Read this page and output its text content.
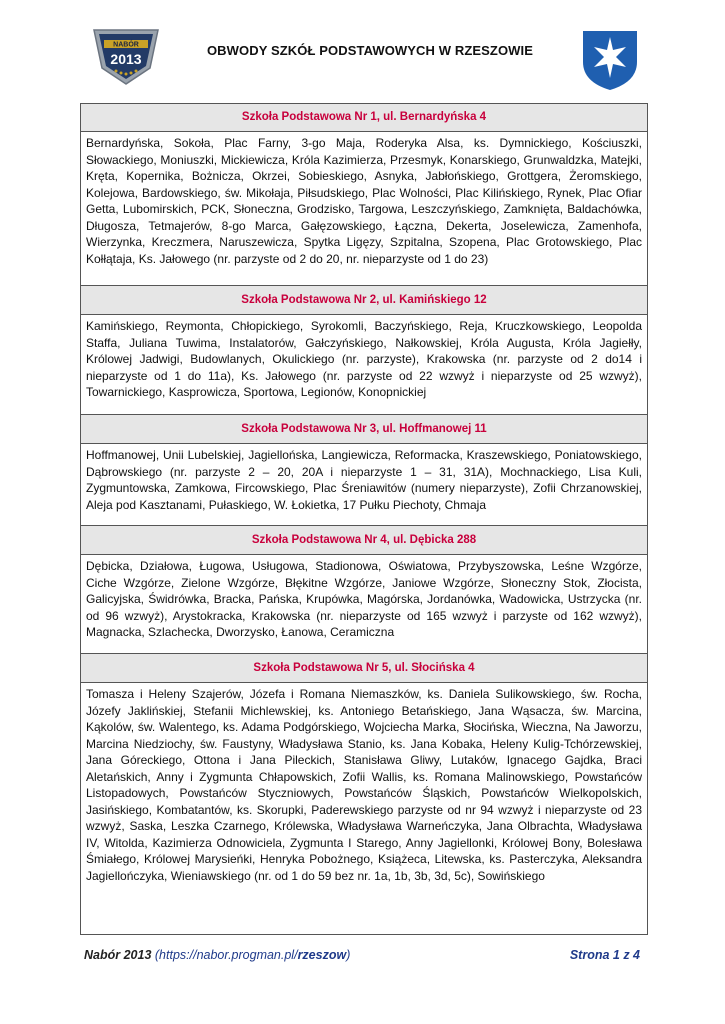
NABÓR
2013
OBWODY SZKÓŁ PODSTAWOWYCH W RZESZOWIE
Szkoła Podstawowa Nr 1, ul. Bernardyńska 4
Bernardyńska, Sokoła, Plac Farny, 3-go Maja, Roderyka Alsa, ks. Dymnickiego, Kościuszki, Słowackiego, Moniuszki, Mickiewicza, Króla Kazimierza, Przesmyk, Konarskiego, Grunwaldzka, Matejki, Kręta, Kopernika, Bożnicza, Okrzei, Sobieskiego, Asnyka, Jabłońskiego, Grottgera, Żeromskiego, Kolejowa, Bardowskiego, św. Mikołaja, Piłsudskiego, Plac Wolności, Plac Kilińskiego, Rynek, Plac Ofiar Getta, Lubomirskich, PCK, Słoneczna, Grodzisko, Targowa, Leszczyńskiego, Zamknięta, Baldachówka, Długosza, Tetmajerów, 8-go Marca, Gałęzowskiego, Łączna, Dekerta, Joselewicza, Zamenhofa, Wierzynka, Kreczmera, Naruszewicza, Spytka Ligęzy, Szpitalna, Szopena, Plac Grotowskiego, Plac Kołłątaja, Ks. Jałowego (nr. parzyste od 2 do 20, nr. nieparzyste od 1 do 23)
Szkoła Podstawowa Nr 2, ul. Kamińskiego 12
Kamińskiego, Reymonta, Chłopickiego, Syrokomli, Baczyńskiego, Reja, Kruczkowskiego, Leopolda Staffa, Juliana Tuwima, Instalatorów, Gałczyńskiego, Nałkowskiej, Króla Augusta, Króla Jagiełły, Królowej Jadwigi, Budowlanych, Okulickiego (nr. parzyste), Krakowska (nr. parzyste od 2 do14 i nieparzyste od 1 do 11a), Ks. Jałowego (nr. parzyste od 22 wzwyż i nieparzyste od 25 wzwyż), Towarnickiego, Kasprowicza, Sportowa, Legionów, Konopnickiej
Szkoła Podstawowa Nr 3, ul. Hoffmanowej 11
Hoffmanowej, Unii Lubelskiej, Jagiellońska, Langiewicza, Reformacka, Kraszewskiego, Poniatowskiego, Dąbrowskiego (nr. parzyste 2 – 20, 20A i nieparzyste 1 – 31, 31A), Mochnackiego, Lisa Kuli, Zygmuntowska, Zamkowa, Fircowskiego, Plac Śreniawitów (numery nieparzyste), Zofii Chrzanowskiej, Aleja pod Kasztanami, Pułaskiego, W. Łokietka, 17 Pułku Piechoty, Chmaja
Szkoła Podstawowa Nr 4, ul. Dębicka 288
Dębicka, Działowa, Ługowa, Usługowa, Stadionowa, Oświatowa, Przybyszowska, Leśne Wzgórze, Ciche Wzgórze, Zielone Wzgórze, Błękitne Wzgórze, Janiowe Wzgórze, Słoneczny Stok, Złocista, Galicyjska, Świdrówka, Bracka, Pańska, Krupówka, Magórska, Jordanówka, Wadowicka, Ustrzycka (nr. od 96 wzwyż), Arystokracka, Krakowska (nr. nieparzyste od 165 wzwyż i parzyste od 162 wzwyż), Magnacka, Szlachecka, Dworzysko, Łanowa, Ceramiczna
Szkoła Podstawowa Nr 5, ul. Słocińska 4
Tomasza i Heleny Szajerów, Józefa i Romana Niemaszków, ks. Daniela Sulikowskiego, św. Rocha, Józefy Jaklińskiej, Stefanii Michlewskiej, ks. Antoniego Betańskiego, Jana Wąsacza, św. Marcina, Kąkolów, św. Walentego, ks. Adama Podgórskiego, Wojciecha Marka, Słocińska, Wieczna, Na Jaworzu, Marcina Niedziochy, św. Faustyny, Władysława Stanio, ks. Jana Kobaka, Heleny Kulig-Tchórzewskiej, Jana Góreckiego, Ottona i Jana Pileckich, Stanisława Gliwy, Lutaków, Ignacego Gajdka, Braci Aletańskich, Anny i Zygmunta Chłapowskich, Zofii Wallis, ks. Romana Malinowskiego, Powstańców Listopadowych, Powstańców Styczniowych, Powstańców Śląskich, Powstańców Wielkopolskich, Jasińskiego, Kombatantów, ks. Skorupki, Paderewskiego parzyste od nr 94 wzwyż i nieparzyste od 23 wzwyż, Saska, Leszka Czarnego, Królewska, Władysława Warneńczyka, Jana Olbrachta, Władysława IV, Witolda, Kazimierza Odnowiciela, Zygmunta I Starego, Anny Jagiellonki, Królowej Bony, Bolesława Śmiałego, Królowej Marysieńki, Henryka Pobożnego, Książeca, Litewska, ks. Pasterczyka, Aleksandra Jagiellończyka, Wieniawskiego (nr. od 1 do 59 bez nr. 1a, 1b, 3b, 3d, 5c), Sowińskiego
Nabór 2013 (https://nabor.progman.pl/rzeszow)	Strona 1 z 4
